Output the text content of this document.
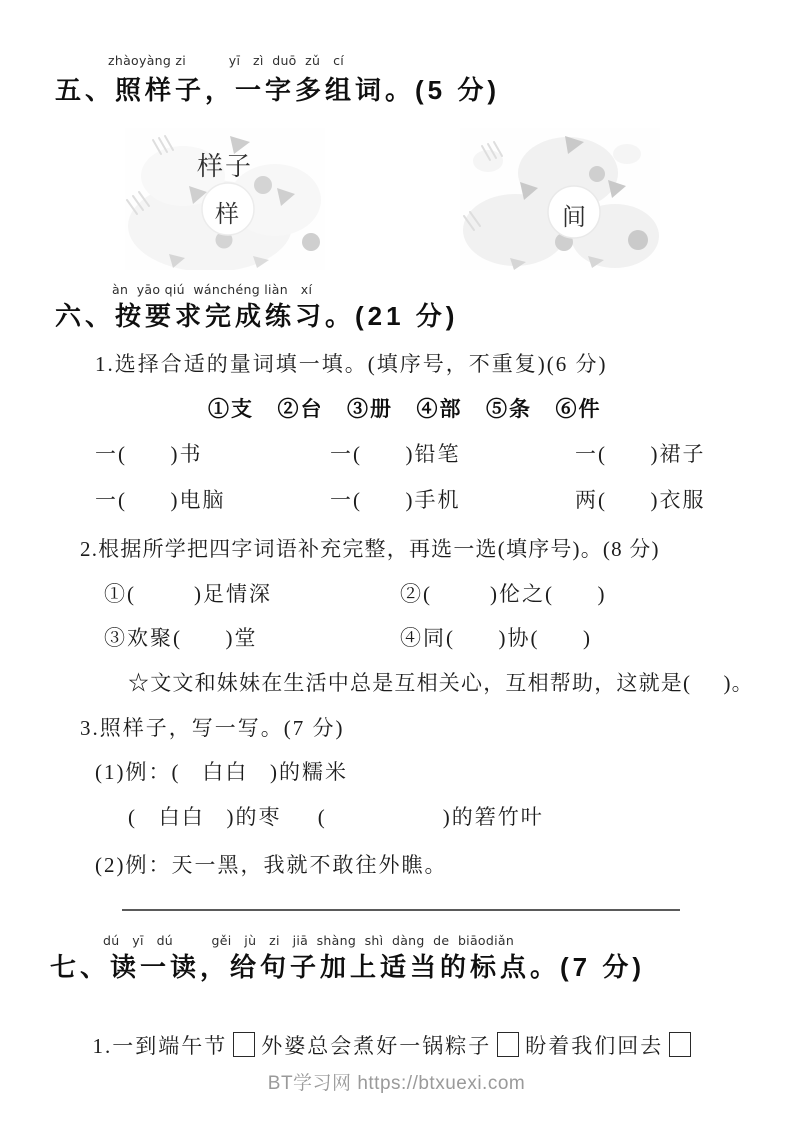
zhàoyàng zi          yī   zì  duō  zǔ   cí
五、照样子，一字多组词。(5 分)
样子
样	间
àn  yāo qiú  wánchéng liàn   xí
六、按要求完成练习。(21 分)
1.选择合适的量词填一填。(填序号，不重复)(6 分)
①支   ②台   ③册   ④部   ⑤条   ⑥件
一(      )书	一(      )铅笔	一(      )裙子
一(      )电脑	一(      )手机	两(      )衣服
2.根据所学把四字词语补充完整，再选一选(填序号)。(8 分)
①(        )足情深	②(        )伦之(      )
③欢聚(      )堂	④同(      )协(      )
☆文文和妹妹在生活中总是互相关心，互相帮助，这就是(     )。
3.照样子，写一写。(7 分)
(1)例：(   白白   )的糯米
(   白白   )的枣     (                )的箬竹叶
(2)例：天一黑，我就不敢往外瞧。
dú   yī   dú         gěi   jù   zi   jiā  shàng  shì  dàng  de  biāodiǎn
七、读一读，给句子加上适当的标点。(7 分)

1.一到端午节 外婆总会煮好一锅粽子 盼着我们回去

BT学习网 https://btxuexi.com
